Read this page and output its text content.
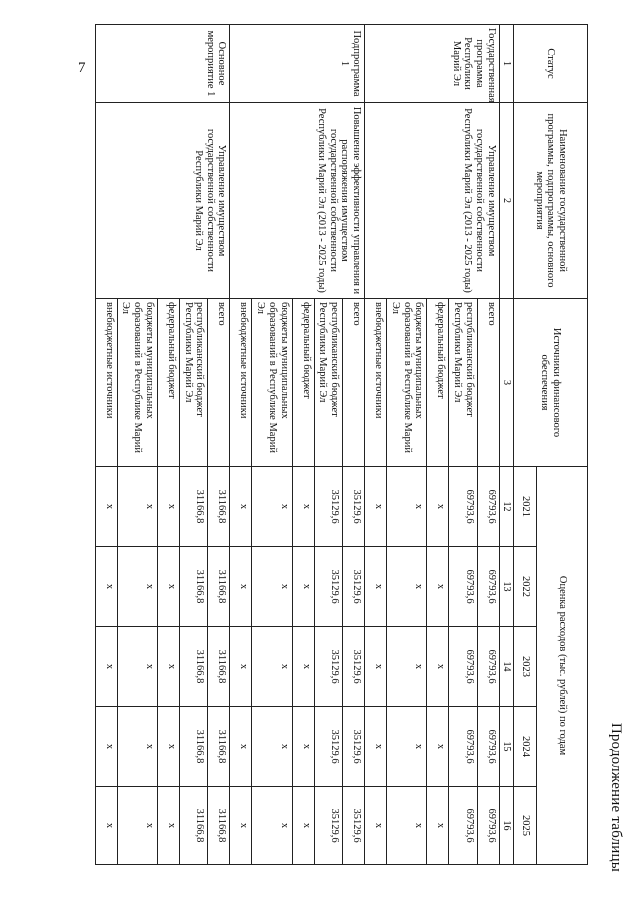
7
Продолжение таблицы
Статус	Наименование государственной программы, подпрограммы, основного мероприятия	Источники финансового обеспечения	Оценка расходов (тыс. рублей) по годам				
			2021	2022	2023	2024	2025
1	2	3	12	13	14	15	16
Государственная программа Республики Марий Эл	Управление имуществом государственной собственности Республики Марий Эл (2013 - 2025 годы)	всего	69793,6	69793,6	69793,6	69793,6	69793,6
		республиканский бюджет Республики Марий Эл	69793,6	69793,6	69793,6	69793,6	69793,6
		федеральный бюджет	x	x	x	x	x
		бюджеты муниципальных образований в Республике Марий Эл	x	x	x	x	x
		внебюджетные источники	x	x	x	x	x
Подпрограмма 1	Повышение эффективности управления и распоряжения имуществом государственной собственности Республики Марий Эл (2013 - 2025 годы)	всего	35129,6	35129,6	35129,6	35129,6	35129,6
		республиканский бюджет Республики Марий Эл	35129,6	35129,6	35129,6	35129,6	35129,6
		федеральный бюджет	x	x	x	x	x
		бюджеты муниципальных образований в Республике Марий Эл	x	x	x	x	x
		внебюджетные источники	x	x	x	x	x
Основное мероприятие 1	Управление имуществом государственной собственности Республики Марий Эл	всего	31166,8	31166,8	31166,8	31166,8	31166,8
		республиканский бюджет Республики Марий Эл	31166,8	31166,8	31166,8	31166,8	31166,8
		федеральный бюджет	x	x	x	x	x
		бюджеты муниципальных образований в Республике Марий Эл	x	x	x	x	x
		внебюджетные источники	x	x	x	x	x
